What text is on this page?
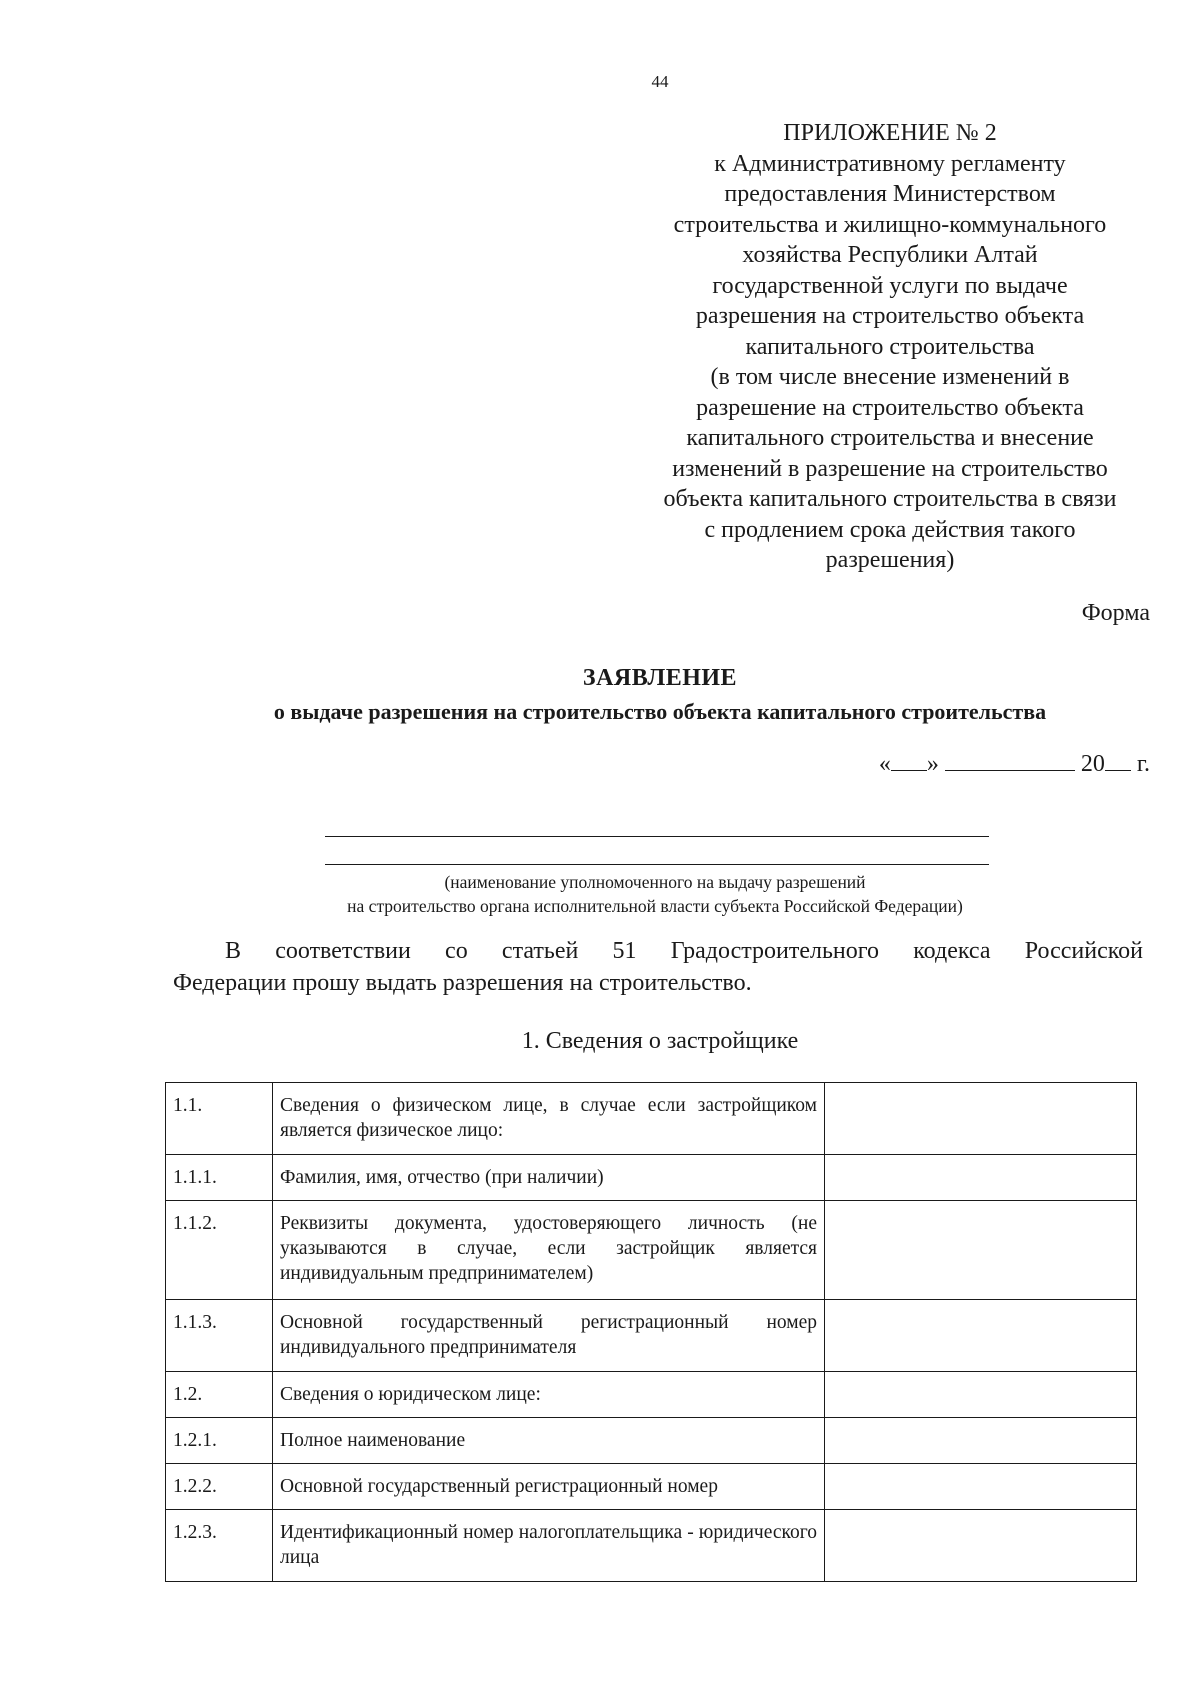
44
ПРИЛОЖЕНИЕ № 2
к Административному регламенту
предоставления Министерством
строительства и жилищно-коммунального
хозяйства Республики Алтай
государственной услуги по выдаче
разрешения на строительство объекта
капитального строительства
(в том числе внесение изменений в
разрешение на строительство объекта
капитального строительства и внесение
изменений в разрешение на строительство
объекта капитального строительства в связи
с продлением срока действия такого
разрешения)
Форма
ЗАЯВЛЕНИЕ
о выдаче разрешения на строительство объекта капитального строительства
« »	20 г.
(наименование уполномоченного на выдачу разрешений
на строительство органа исполнительной власти субъекта Российской Федерации)
В соответствии со статьей 51 Градостроительного кодекса Российской
Федерации прошу выдать разрешения на строительство.
1. Сведения о застройщике
1.1.	Сведения о физическом лице, в случае если застройщиком является физическое лицо:	
1.1.1.	Фамилия, имя, отчество (при наличии)	
1.1.2.	Реквизиты документа, удостоверяющего личность (не указываются в случае, если застройщик является индивидуальным предпринимателем)	
1.1.3.	Основной государственный регистрационный номер индивидуального предпринимателя	
1.2.	Сведения о юридическом лице:	
1.2.1.	Полное наименование	
1.2.2.	Основной государственный регистрационный номер	
1.2.3.	Идентификационный номер налогоплательщика - юридического лица	
